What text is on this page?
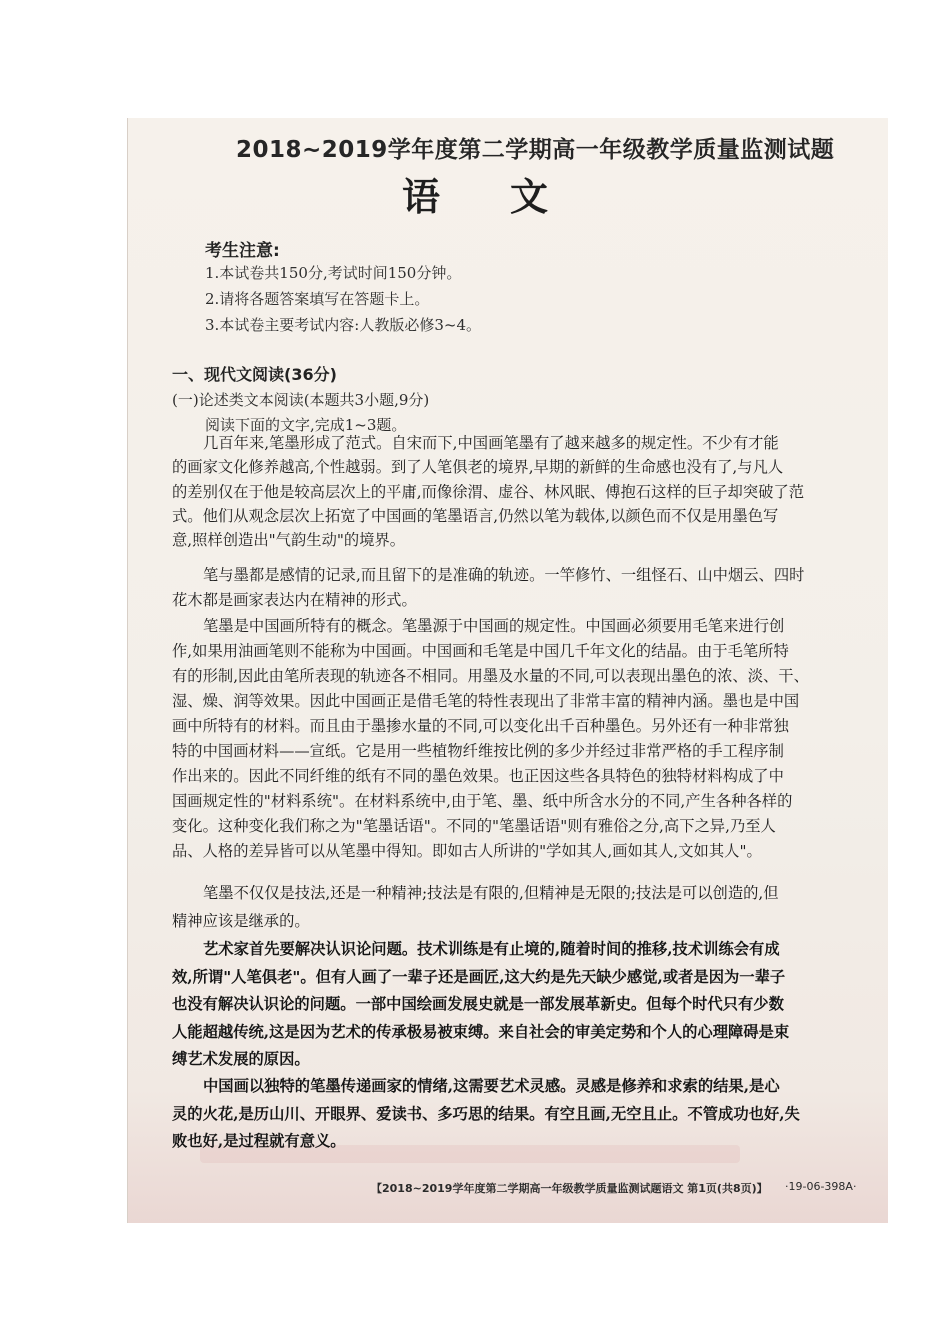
2018~2019学年度第二学期高一年级教学质量监测试题
语文
考生注意:
1.本试卷共150分,考试时间150分钟。
2.请将各题答案填写在答题卡上。
3.本试卷主要考试内容:人教版必修3~4。
一、现代文阅读(36分)
(一)论述类文本阅读(本题共3小题,9分)
阅读下面的文字,完成1~3题。
几百年来,笔墨形成了范式。自宋而下,中国画笔墨有了越来越多的规定性。不少有才能
的画家文化修养越高,个性越弱。到了人笔俱老的境界,早期的新鲜的生命感也没有了,与凡人
的差别仅在于他是较高层次上的平庸,而像徐渭、虚谷、林风眠、傅抱石这样的巨子却突破了范
式。他们从观念层次上拓宽了中国画的笔墨语言,仍然以笔为载体,以颜色而不仅是用墨色写
意,照样创造出"气韵生动"的境界。
笔与墨都是感情的记录,而且留下的是准确的轨迹。一竿修竹、一组怪石、山中烟云、四时
花木都是画家表达内在精神的形式。
笔墨是中国画所特有的概念。笔墨源于中国画的规定性。中国画必须要用毛笔来进行创
作,如果用油画笔则不能称为中国画。中国画和毛笔是中国几千年文化的结晶。由于毛笔所特
有的形制,因此由笔所表现的轨迹各不相同。用墨及水量的不同,可以表现出墨色的浓、淡、干、
湿、燥、润等效果。因此中国画正是借毛笔的特性表现出了非常丰富的精神内涵。墨也是中国
画中所特有的材料。而且由于墨掺水量的不同,可以变化出千百种墨色。另外还有一种非常独
特的中国画材料——宣纸。它是用一些植物纤维按比例的多少并经过非常严格的手工程序制
作出来的。因此不同纤维的纸有不同的墨色效果。也正因这些各具特色的独特材料构成了中
国画规定性的"材料系统"。在材料系统中,由于笔、墨、纸中所含水分的不同,产生各种各样的
变化。这种变化我们称之为"笔墨话语"。不同的"笔墨话语"则有雅俗之分,高下之异,乃至人
品、人格的差异皆可以从笔墨中得知。即如古人所讲的"学如其人,画如其人,文如其人"。
笔墨不仅仅是技法,还是一种精神;技法是有限的,但精神是无限的;技法是可以创造的,但
精神应该是继承的。
艺术家首先要解决认识论问题。技术训练是有止境的,随着时间的推移,技术训练会有成
效,所谓"人笔俱老"。但有人画了一辈子还是画匠,这大约是先天缺少感觉,或者是因为一辈子
也没有解决认识论的问题。一部中国绘画发展史就是一部发展革新史。但每个时代只有少数
人能超越传统,这是因为艺术的传承极易被束缚。来自社会的审美定势和个人的心理障碍是束
缚艺术发展的原因。
中国画以独特的笔墨传递画家的情绪,这需要艺术灵感。灵感是修养和求索的结果,是心
灵的火花,是历山川、开眼界、爱读书、多巧思的结果。有空且画,无空且止。不管成功也好,失
败也好,是过程就有意义。
【2018~2019学年度第二学期高一年级教学质量监测试题语文 第1页(共8页)】 ·19-06-398A·
